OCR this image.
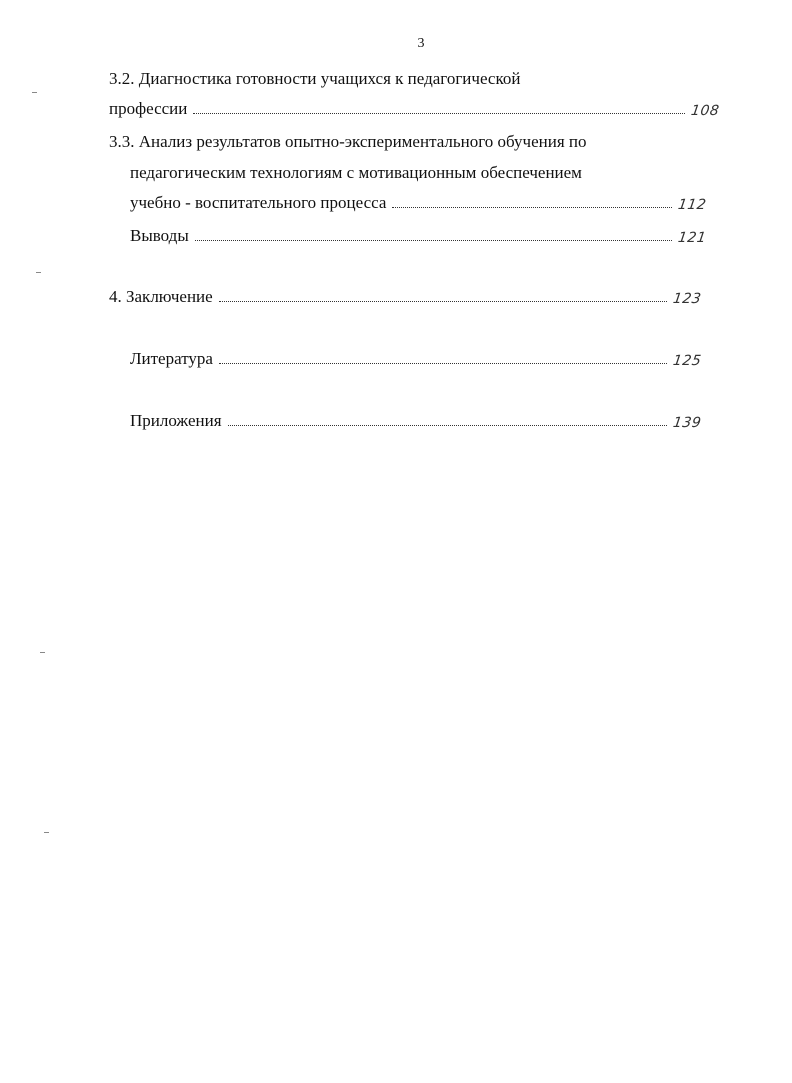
3
3.2. Диагностика готовности учащихся к педагогической
профессии	108
3.3. Анализ результатов опытно-экспериментального обучения по
педагогическим технологиям с мотивационным обеспечением
учебно - воспитательного процесса	112
Выводы	121
4. Заключение	123
Литература	125
Приложения	139
